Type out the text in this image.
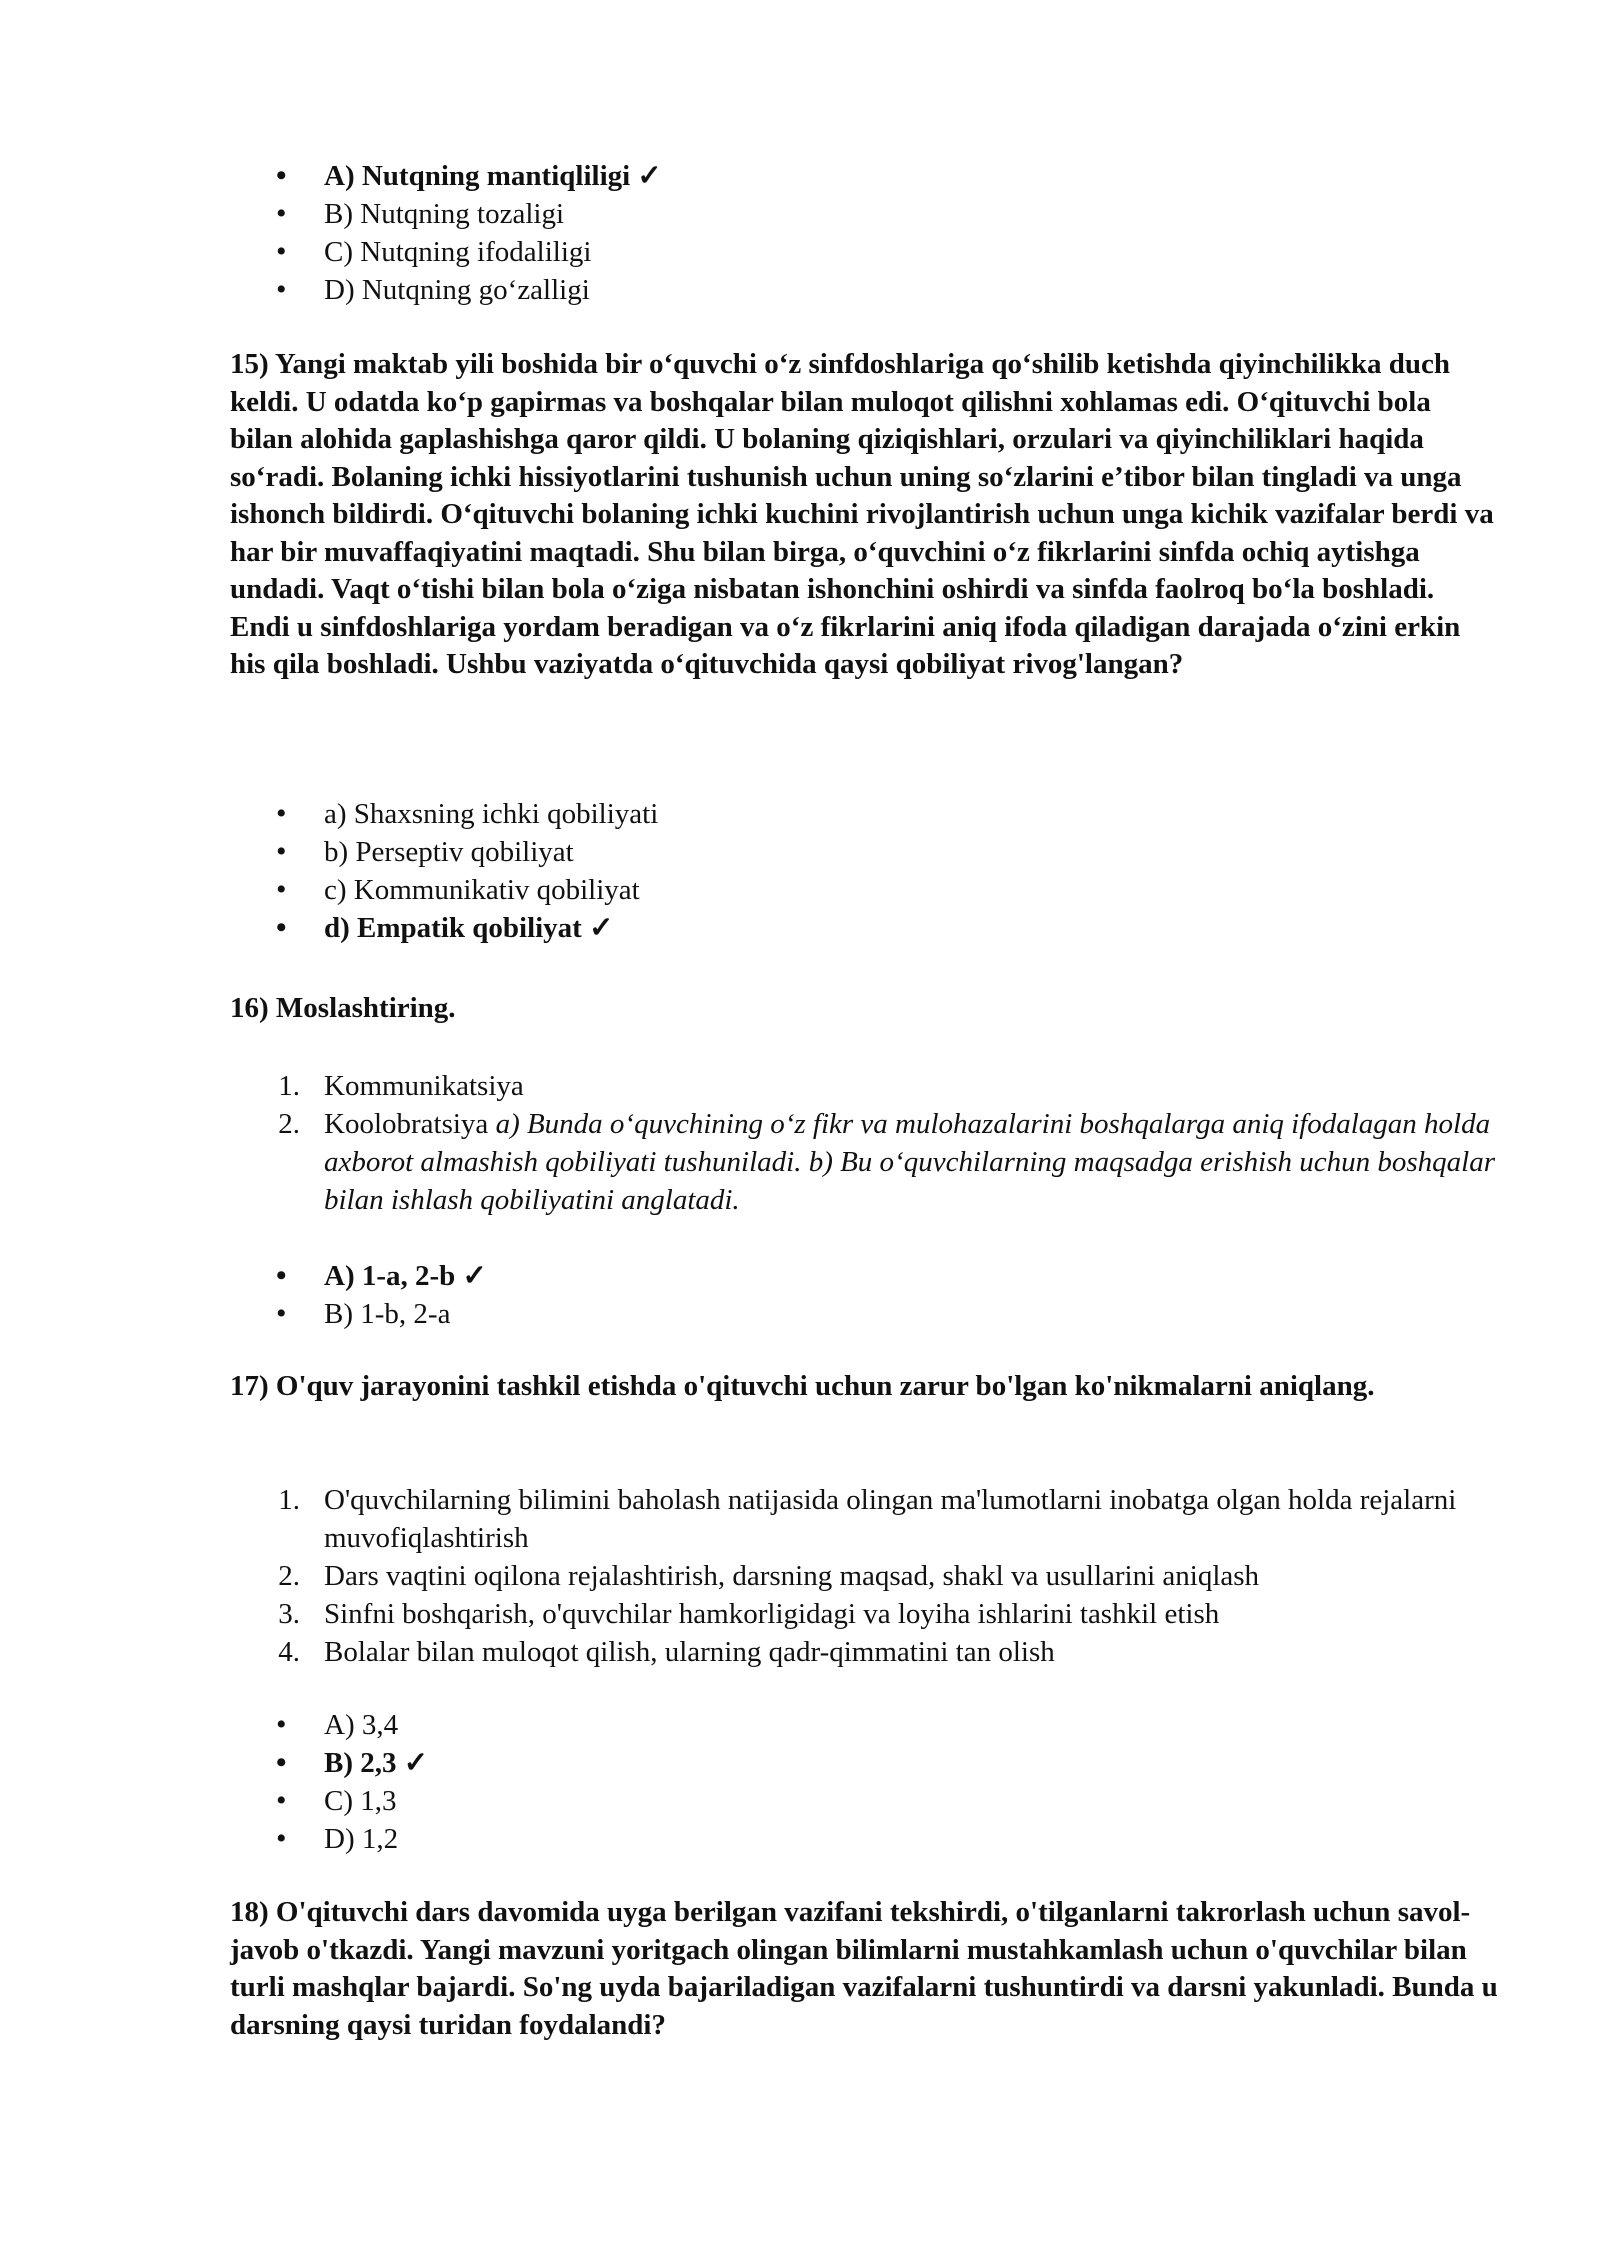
• A) Nutqning mantiqliligi ✓
• B) Nutqning tozaligi
• C) Nutqning ifodaliligi
• D) Nutqning go‘zalligi

15) Yangi maktab yili boshida bir o‘quvchi o‘z sinfdoshlariga qo‘shilib ketishda qiyinchilikka duch keldi. U odatda ko‘p gapirmas va boshqalar bilan muloqot qilishni xohlamas edi. O‘qituvchi bola bilan alohida gaplashishga qaror qildi. U bolaning qiziqishlari, orzulari va qiyinchiliklari haqida so‘radi. Bolaning ichki hissiyotlarini tushunish uchun uning so‘zlarini e’tibor bilan tingladi va unga ishonch bildirdi. O‘qituvchi bolaning ichki kuchini rivojlantirish uchun unga kichik vazifalar berdi va har bir muvaffaqiyatini maqtadi. Shu bilan birga, o‘quvchini o‘z fikrlarini sinfda ochiq aytishga undadi. Vaqt o‘tishi bilan bola o‘ziga nisbatan ishonchini oshirdi va sinfda faolroq bo‘la boshladi. Endi u sinfdoshlariga yordam beradigan va o‘z fikrlarini aniq ifoda qiladigan darajada o‘zini erkin his qila boshladi. Ushbu vaziyatda o‘qituvchida qaysi qobiliyat rivog'langan?

• a) Shaxsning ichki qobiliyati
• b) Perseptiv qobiliyat
• c) Kommunikativ qobiliyat
• d) Empatik qobiliyat ✓

16) Moslashtiring.

1. Kommunikatsiya
2. Koolobratsiya a) Bunda o‘quvchining o‘z fikr va mulohazalarini boshqalarga aniq ifodalagan holda axborot almashish qobiliyati tushuniladi. b) Bu o‘quvchilarning maqsadga erishish uchun boshqalar bilan ishlash qobiliyatini anglatadi.
• A) 1-a, 2-b ✓
• B) 1-b, 2-a

17) O'quv jarayonini tashkil etishda o'qituvchi uchun zarur bo'lgan ko'nikmalarni aniqlang.

1. O'quvchilarning bilimini baholash natijasida olingan ma'lumotlarni inobatga olgan holda rejalarni muvofiqlashtirish
2. Dars vaqtini oqilona rejalashtirish, darsning maqsad, shakl va usullarini aniqlash
3. Sinfni boshqarish, o'quvchilar hamkorligidagi va loyiha ishlarini tashkil etish
4. Bolalar bilan muloqot qilish, ularning qadr-qimmatini tan olish
• A) 3,4
• B) 2,3 ✓
• C) 1,3
• D) 1,2

18) O'qituvchi dars davomida uyga berilgan vazifani tekshirdi, o'tilganlarni takrorlash uchun savol-javob o'tkazdi. Yangi mavzuni yoritgach olingan bilimlarni mustahkamlash uchun o'quvchilar bilan turli mashqlar bajardi. So'ng uyda bajariladigan vazifalarni tushuntirdi va darsni yakunladi. Bunda u darsning qaysi turidan foydalandi?
